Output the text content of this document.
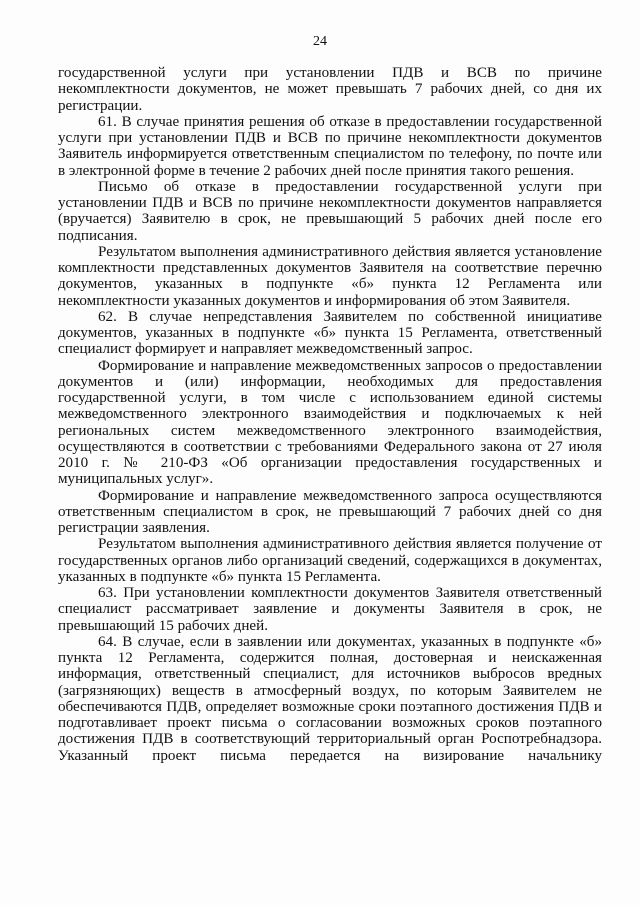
24

государственной услуги при установлении ПДВ и ВСВ по причине некомплектности документов, не может превышать 7 рабочих дней, со дня их регистрации.

61. В случае принятия решения об отказе в предоставлении государственной услуги при установлении ПДВ и ВСВ по причине некомплектности документов Заявитель информируется ответственным специалистом по телефону, по почте или в электронной форме в течение 2 рабочих дней после принятия такого решения.

Письмо об отказе в предоставлении государственной услуги при установлении ПДВ и ВСВ по причине некомплектности документов направляется (вручается) Заявителю в срок, не превышающий 5 рабочих дней после его подписания.

Результатом выполнения административного действия является установление комплектности представленных документов Заявителя на соответствие перечню документов, указанных в подпункте «б» пункта 12 Регламента или некомплектности указанных документов и информирования об этом Заявителя.

62. В случае непредставления Заявителем по собственной инициативе документов, указанных в подпункте «б» пункта 15 Регламента, ответственный специалист формирует и направляет межведомственный запрос.

Формирование и направление межведомственных запросов о предоставлении документов и (или) информации, необходимых для предоставления государственной услуги, в том числе с использованием единой системы межведомственного электронного взаимодействия и подключаемых к ней региональных систем межведомственного электронного взаимодействия, осуществляются в соответствии с требованиями Федерального закона от 27 июля 2010 г. № 210-ФЗ «Об организации предоставления государственных и муниципальных услуг».

Формирование и направление межведомственного запроса осуществляются ответственным специалистом в срок, не превышающий 7 рабочих дней со дня регистрации заявления.

Результатом выполнения административного действия является получение от государственных органов либо организаций сведений, содержащихся в документах, указанных в подпункте «б» пункта 15 Регламента.

63. При установлении комплектности документов Заявителя ответственный специалист рассматривает заявление и документы Заявителя в срок, не превышающий 15 рабочих дней.

64. В случае, если в заявлении или документах, указанных в подпункте «б» пункта 12 Регламента, содержится полная, достоверная и неискаженная информация, ответственный специалист, для источников выбросов вредных (загрязняющих) веществ в атмосферный воздух, по которым Заявителем не обеспечиваются ПДВ, определяет возможные сроки поэтапного достижения ПДВ и подготавливает проект письма о согласовании возможных сроков поэтапного достижения ПДВ в соответствующий территориальный орган Роспотребнадзора. Указанный проект письма передается на визирование начальнику
